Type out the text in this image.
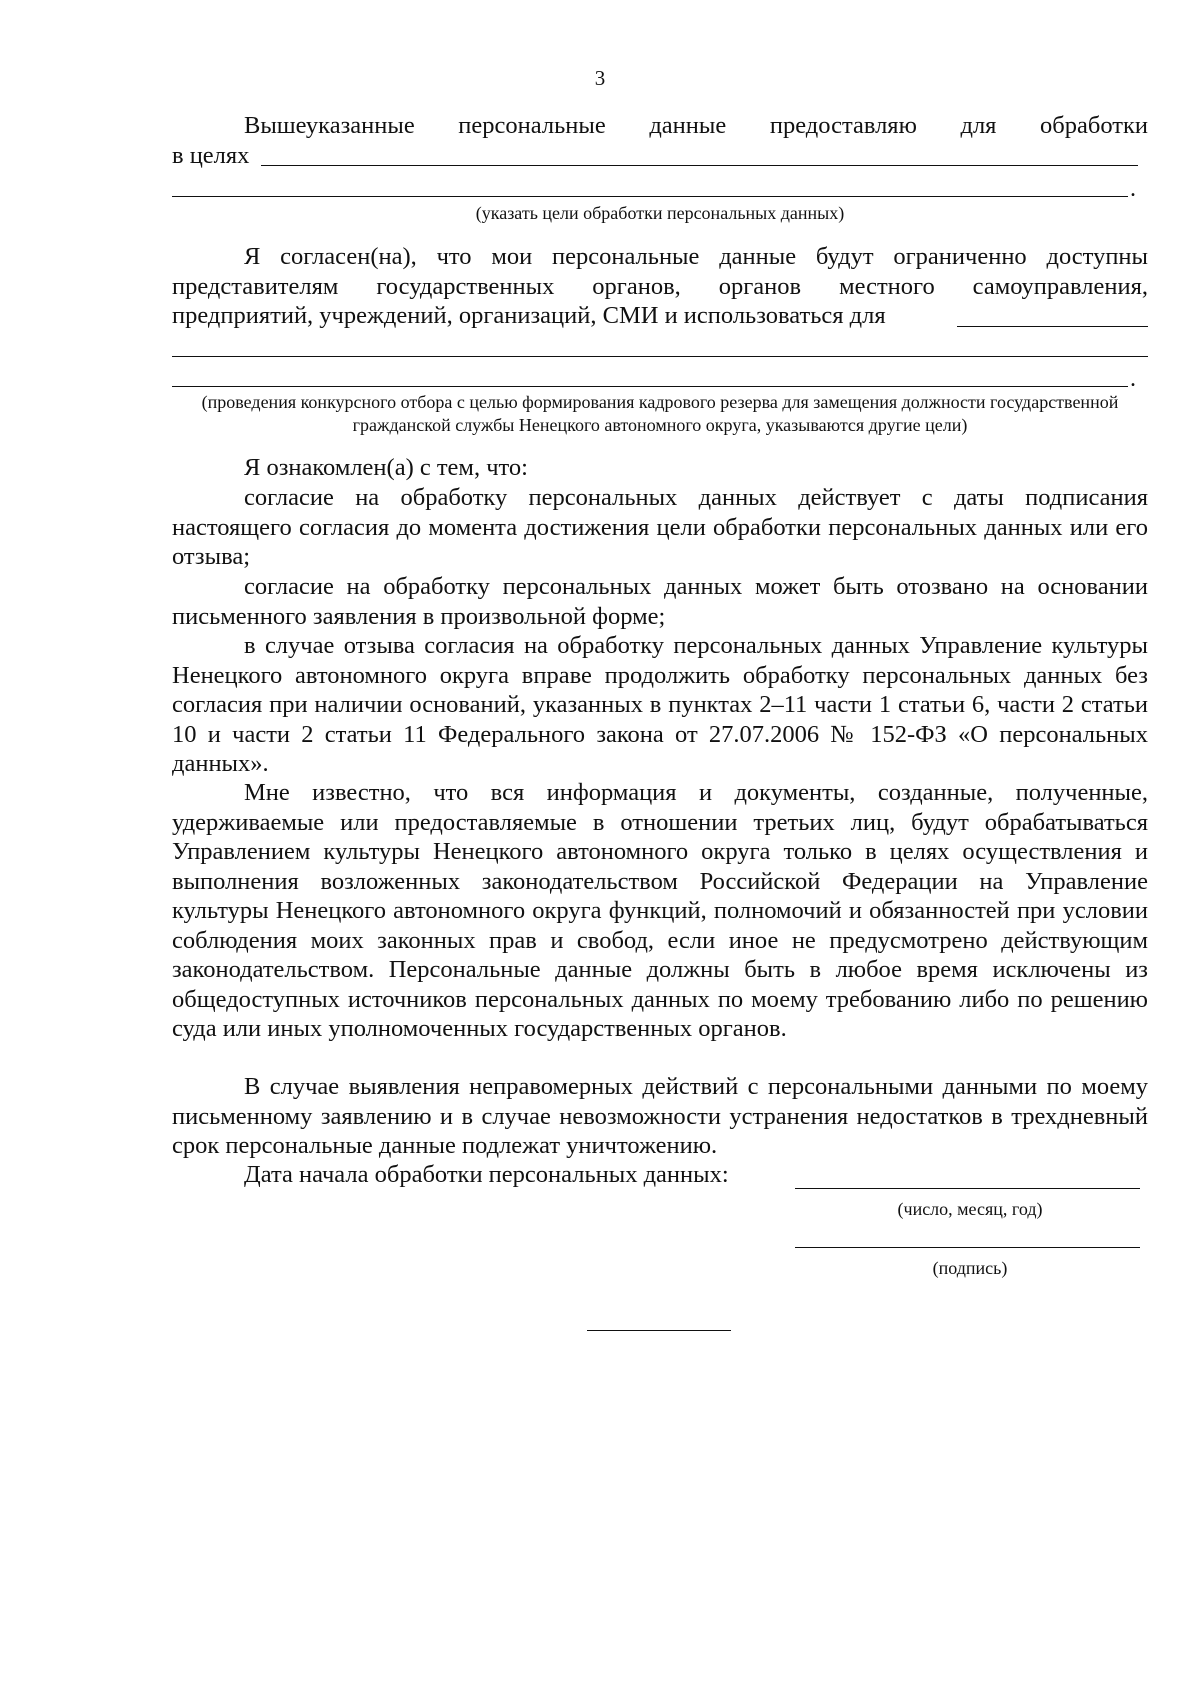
3
Вышеуказанные персональные данные предоставляю для обработки
в целях
.
(указать цели обработки персональных данных)
Я согласен(на), что мои персональные данные будут ограниченно доступны представителям государственных органов, органов местного самоуправления,
предприятий, учреждений, организаций, СМИ и использоваться для
.
(проведения конкурсного отбора с целью формирования кадрового резерва для замещения должности государственной гражданской службы Ненецкого автономного округа, указываются другие цели)
Я ознакомлен(а) с тем, что:
согласие на обработку персональных данных действует с даты подписания настоящего согласия до момента достижения цели обработки персональных данных или его отзыва;
согласие на обработку персональных данных может быть отозвано на основании письменного заявления в произвольной форме;
в случае отзыва согласия на обработку персональных данных Управление культуры Ненецкого автономного округа вправе продолжить обработку персональных данных без согласия при наличии оснований, указанных в пунктах 2–11 части 1 статьи 6, части 2 статьи 10 и части 2 статьи 11 Федерального закона от 27.07.2006 № 152-ФЗ «О персональных данных».
Мне известно, что вся информация и документы, созданные, полученные, удерживаемые или предоставляемые в отношении третьих лиц, будут обрабатываться Управлением культуры Ненецкого автономного округа только в целях осуществления и выполнения возложенных законодательством Российской Федерации на Управление культуры Ненецкого автономного округа функций, полномочий и обязанностей при условии соблюдения моих законных прав и свобод, если иное не предусмотрено действующим законодательством. Персональные данные должны быть в любое время исключены из общедоступных источников персональных данных по моему требованию либо по решению суда или иных уполномоченных государственных органов.
В случае выявления неправомерных действий с персональными данными по моему письменному заявлению и в случае невозможности устранения недостатков в трехдневный срок персональные данные подлежат уничтожению.
Дата начала обработки персональных данных:
(число, месяц, год)
(подпись)
